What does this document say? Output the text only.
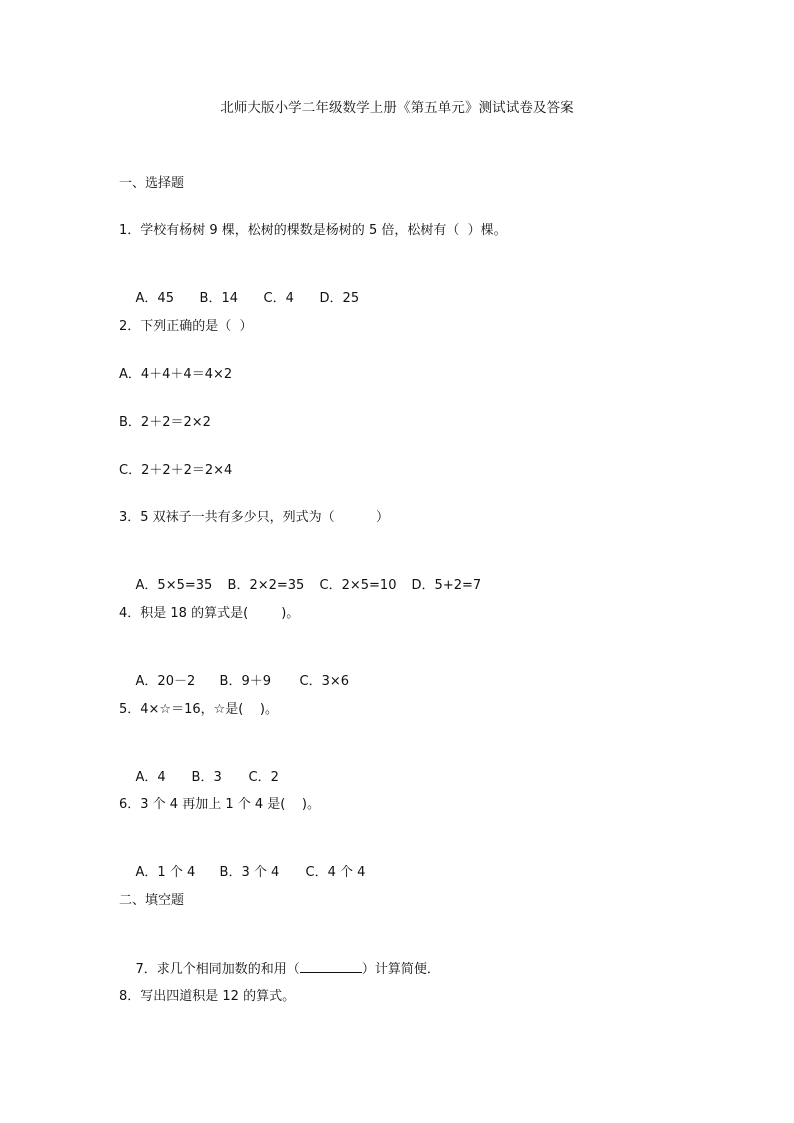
北师大版小学二年级数学上册《第五单元》测试试卷及答案
一、选择题
1．学校有杨树 9 棵，松树的棵数是杨树的 5 倍，松树有（  ）棵。

A．45 B．14 C．4 D．25

2．下列正确的是（  ）
A．4＋4＋4＝4×2
B．2＋2＝2×2
C．2＋2＋2＝2×4
3．5 双袜子一共有多少只，列式为（          ）

A．5×5=35 B．2×2=35 C．2×5=10 D．5+2=7

4．积是 18 的算式是(        )。

A．20－2 B．9＋9 C．3×6

5．4×☆＝16，☆是(    )。

A．4 B．3 C．2

6．3 个 4 再加上 1 个 4 是(    )。

A．1 个 4 B．3 个 4 C．4 个 4

二、填空题

7．求几个相同加数的和用（	）计算简便．

8．写出四道积是 12 的算式。
